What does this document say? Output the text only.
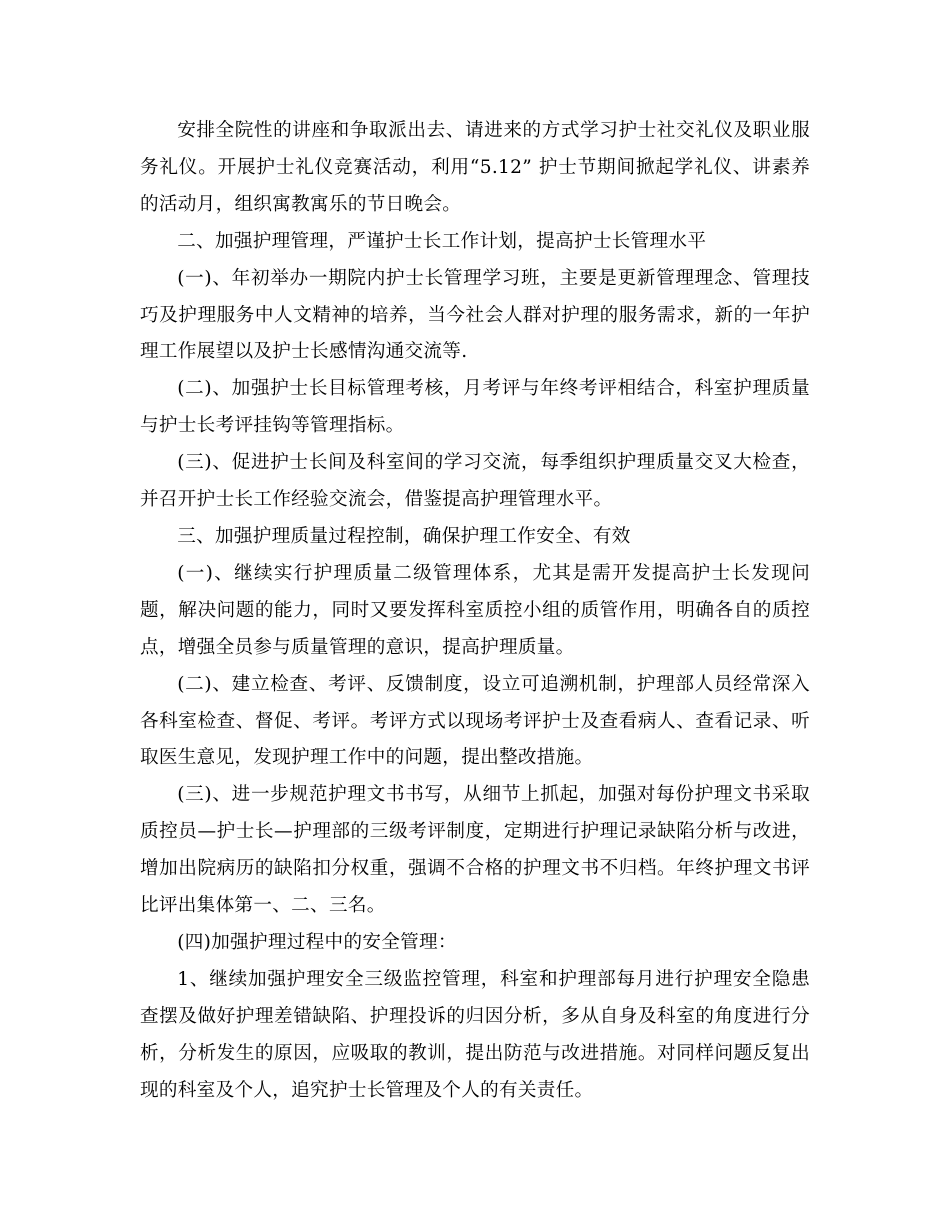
安排全院性的讲座和争取派出去、请进来的方式学习护士社交礼仪及职业服务礼仪。开展护士礼仪竞赛活动，利用“5.12” 护士节期间掀起学礼仪、讲素养的活动月，组织寓教寓乐的节日晚会。

二、加强护理管理，严谨护士长工作计划，提高护士长管理水平

(一)、年初举办一期院内护士长管理学习班，主要是更新管理理念、管理技巧及护理服务中人文精神的培养，当今社会人群对护理的服务需求，新的一年护理工作展望以及护士长感情沟通交流等.

(二)、加强护士长目标管理考核，月考评与年终考评相结合，科室护理质量与护士长考评挂钩等管理指标。

(三)、促进护士长间及科室间的学习交流，每季组织护理质量交叉大检查，并召开护士长工作经验交流会，借鉴提高护理管理水平。

三、加强护理质量过程控制，确保护理工作安全、有效

(一)、继续实行护理质量二级管理体系，尤其是需开发提高护士长发现问题，解决问题的能力，同时又要发挥科室质控小组的质管作用，明确各自的质控点，增强全员参与质量管理的意识，提高护理质量。

(二)、建立检查、考评、反馈制度，设立可追溯机制，护理部人员经常深入各科室检查、督促、考评。考评方式以现场考评护士及查看病人、查看记录、听取医生意见，发现护理工作中的问题，提出整改措施。

(三)、进一步规范护理文书书写，从细节上抓起，加强对每份护理文书采取质控员—护士长—护理部的三级考评制度，定期进行护理记录缺陷分析与改进，增加出院病历的缺陷扣分权重，强调不合格的护理文书不归档。年终护理文书评比评出集体第一、二、三名。

(四)加强护理过程中的安全管理：

1、继续加强护理安全三级监控管理，科室和护理部每月进行护理安全隐患查摆及做好护理差错缺陷、护理投诉的归因分析，多从自身及科室的角度进行分析，分析发生的原因，应吸取的教训，提出防范与改进措施。对同样问题反复出现的科室及个人，追究护士长管理及个人的有关责任。
